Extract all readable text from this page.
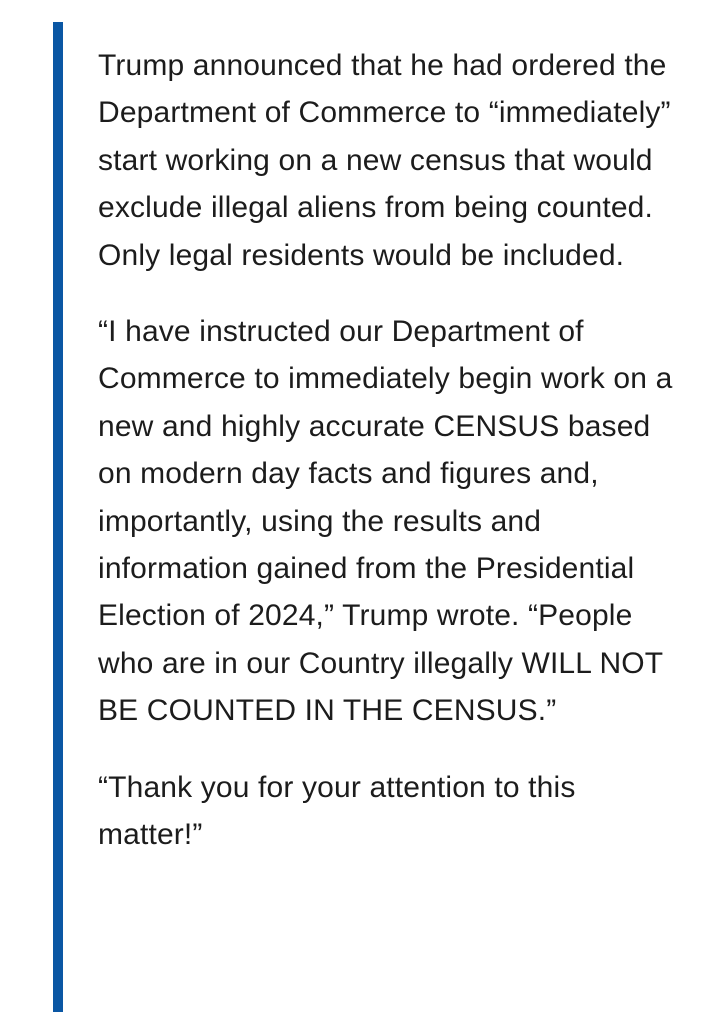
Trump announced that he had ordered the Department of Commerce to “immediately” start working on a new census that would exclude illegal aliens from being counted. Only legal residents would be included.

“I have instructed our Department of Commerce to immediately begin work on a new and highly accurate CENSUS based on modern day facts and figures and, importantly, using the results and information gained from the Presidential Election of 2024,” Trump wrote. “People who are in our Country illegally WILL NOT BE COUNTED IN THE CENSUS.”

“Thank you for your attention to this matter!”
